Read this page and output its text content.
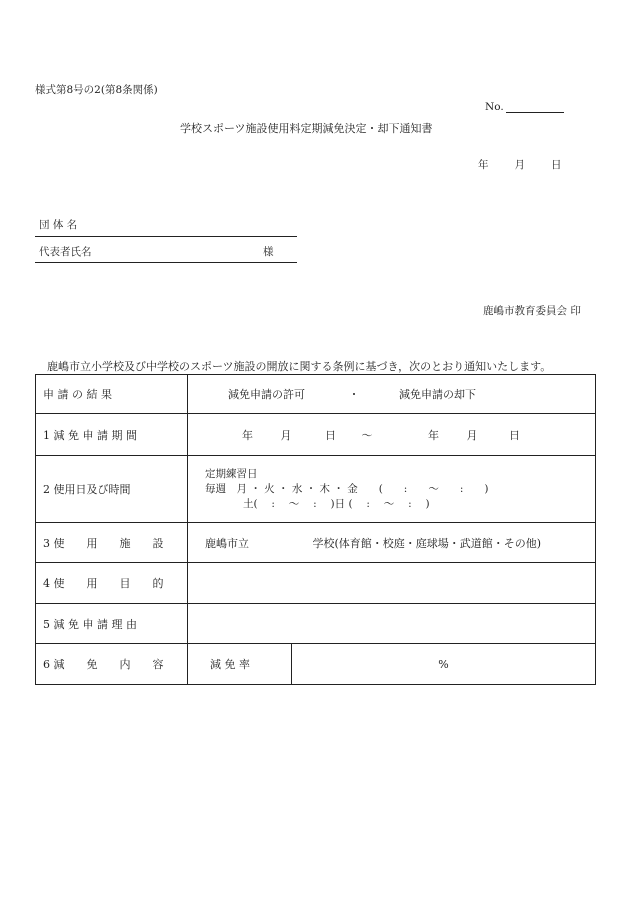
様式第8号の2(第8条関係)
No.
学校スポーツ施設使用料定期減免決定・却下通知書
年 月 日
団 体 名
代表者氏名	様
鹿嶋市教育委員会 印
鹿嶋市立小学校及び中学校のスポーツ施設の開放に関する条例に基づき，次のとおり通知いたします。
申 請 の 結 果	減免申請の許可 ・ 減免申請の却下	
1 減 免 申 請 期 間	年 月 日 〜 年 月 日	
2 使用日及び時間	定期練習日
毎週　月 ・ 火 ・ 水 ・ 木 ・ 金　　(　　:　　〜　　:　　)
土(　 :　 〜　 :　 )日 (　 :　 〜　 :　 )	

3 使　　用　　施　　設	鹿嶋市立 学校(体育館・校庭・庭球場・武道館・その他)	
4 使　　用　　目　　的		
5 減 免 申 請 理 由		
6 減　　免　　内　　容	減 免 率	%
